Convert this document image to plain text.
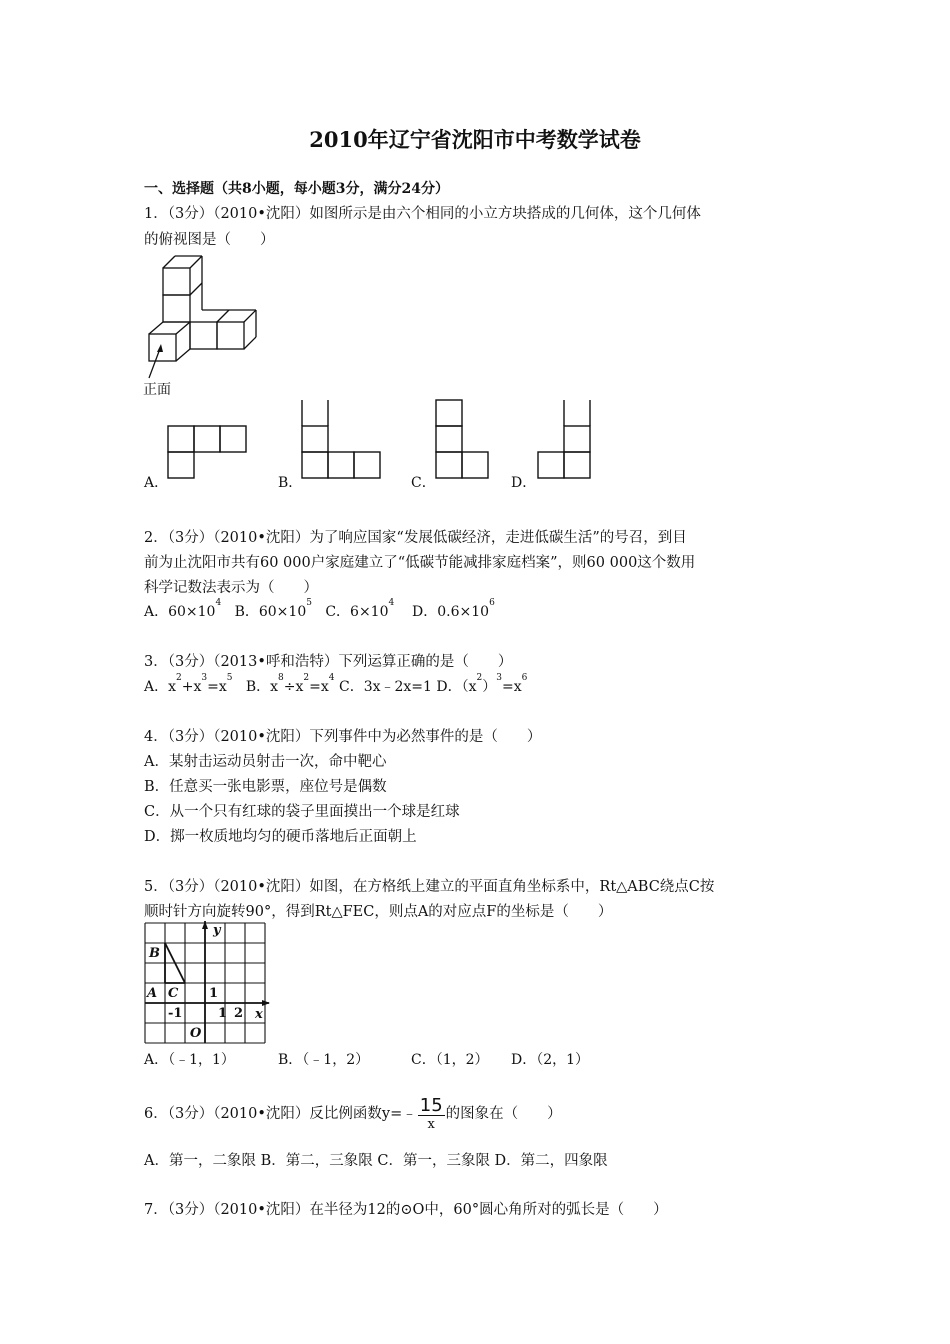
2010年辽宁省沈阳市中考数学试卷
一、选择题（共8小题，每小题3分，满分24分）
1．（3分）（2010•沈阳）如图所示是由六个相同的小立方块搭成的几何体，这个几何体
的俯视图是（　　）
正面
A．	B．	C．	D．
2．（3分）（2010•沈阳）为了响应国家“发展低碳经济，走进低碳生活”的号召，到目
前为止沈阳市共有60 000户家庭建立了“低碳节能减排家庭档案”，则60 000这个数用
科学记数法表示为（　　）
A．$60\times 10^4$   B．$60\times 10^5$   C．$6\times 10^4$    D．$0.6\times 10^6$
3．（3分）（2013•呼和浩特）下列运算正确的是（　　）
A．$x^2+x^3=x^5$   B．$x^8\div x^2=x^4$ C．3x﹣2x=1 D．$(x^2)^3=x^6$
4．（3分）（2010•沈阳）下列事件中为必然事件的是（　　）
A．某射击运动员射击一次，命中靶心
B．任意买一张电影票，座位号是偶数
C．从一个只有红球的袋子里面摸出一个球是红球
D．掷一枚质地均匀的硬币落地后正面朝上
5．（3分）（2010•沈阳）如图，在方格纸上建立的平面直角坐标系中，Rt△ABC绕点C按
顺时针方向旋转90°，得到Rt△FEC，则点A的对应点F的坐标是（　　）
y
x
B
A C
O
1
-1	1 2
A．（﹣1，1）	B．（﹣1，2）	C．（1，2） D．（2，1）
6．（3分）（2010•沈阳）反比例函数y=﹣ $\frac{15}{x}$ 的图象在（　　）
A．第一，二象限 B．第二，三象限 C．第一，三象限 D．第二，四象限
7．（3分）（2010•沈阳）在半径为12的⊙O中，60°圆心角所对的弧长是（　　）
